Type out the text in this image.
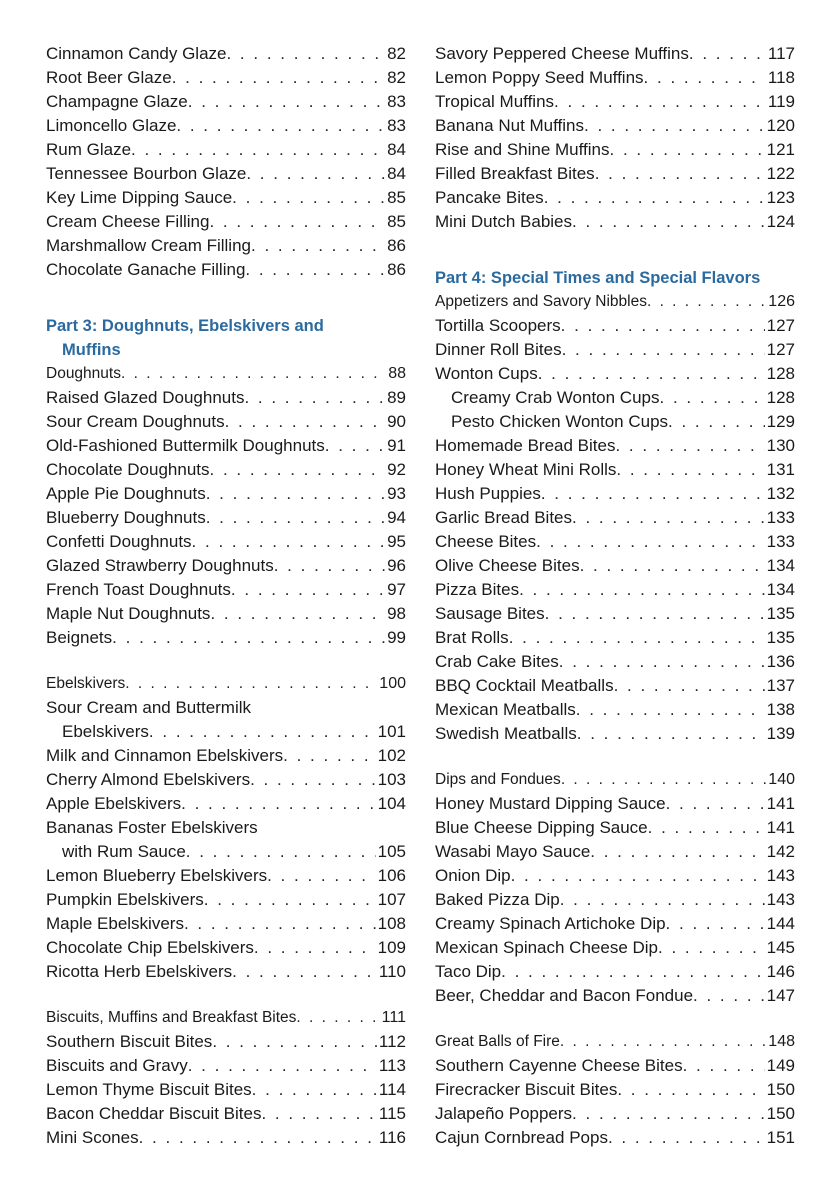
Cinnamon Candy Glaze . . .	82
Root Beer Glaze . . .	82
Champagne Glaze . . .	83
Limoncello Glaze . . .	83
Rum Glaze . . .	84
Tennessee Bourbon Glaze . . .	84
Key Lime Dipping Sauce . . .	85
Cream Cheese Filling . . .	85
Marshmallow Cream Filling . . .	86
Chocolate Ganache Filling . . .	86
Part 3: Doughnuts, Ebelskivers and
Muffins
Doughnuts . . .	88
Raised Glazed Doughnuts . . .	89
Sour Cream Doughnuts . . .	90
Old-Fashioned Buttermilk Doughnuts . . .	91
Chocolate Doughnuts . . .	92
Apple Pie Doughnuts . . .	93
Blueberry Doughnuts . . .	94
Confetti Doughnuts . . .	95
Glazed Strawberry Doughnuts . . .	96
French Toast Doughnuts . . .	97
Maple Nut Doughnuts . . .	98
Beignets . . .	99
Ebelskivers . . .	100
Sour Cream and Buttermilk
Ebelskivers . . .	101
Milk and Cinnamon Ebelskivers . . .	102
Cherry Almond Ebelskivers . . .	103
Apple Ebelskivers . . .	104
Bananas Foster Ebelskivers
with Rum Sauce . . .	105
Lemon Blueberry Ebelskivers . . .	106
Pumpkin Ebelskivers . . .	107
Maple Ebelskivers . . .	108
Chocolate Chip Ebelskivers . . .	109
Ricotta Herb Ebelskivers . . .	110
Biscuits, Muffins and Breakfast Bites . . .	111
Southern Biscuit Bites . . .	112
Biscuits and Gravy . . .	113
Lemon Thyme Biscuit Bites . . .	114
Bacon Cheddar Biscuit Bites . . .	115
Mini Scones . . .	116
Savory Peppered Cheese Muffins . . .	117
Lemon Poppy Seed Muffins . . .	118
Tropical Muffins . . .	119
Banana Nut Muffins . . .	120
Rise and Shine Muffins . . .	121
Filled Breakfast Bites . . .	122
Pancake Bites . . .	123
Mini Dutch Babies . . .	124
Part 4: Special Times and Special Flavors
Appetizers and Savory Nibbles . . .	126
Tortilla Scoopers . . .	127
Dinner Roll Bites . . .	127
Wonton Cups . . .	128
Creamy Crab Wonton Cups . . .	128
Pesto Chicken Wonton Cups . . .	129
Homemade Bread Bites . . .	130
Honey Wheat Mini Rolls . . .	131
Hush Puppies . . .	132
Garlic Bread Bites . . .	133
Cheese Bites . . .	133
Olive Cheese Bites . . .	134
Pizza Bites . . .	134
Sausage Bites . . .	135
Brat Rolls . . .	135
Crab Cake Bites . . .	136
BBQ Cocktail Meatballs . . .	137
Mexican Meatballs . . .	138
Swedish Meatballs . . .	139
Dips and Fondues . . .	140
Honey Mustard Dipping Sauce . . .	141
Blue Cheese Dipping Sauce . . .	141
Wasabi Mayo Sauce . . .	142
Onion Dip . . .	143
Baked Pizza Dip . . .	143
Creamy Spinach Artichoke Dip . . .	144
Mexican Spinach Cheese Dip . . .	145
Taco Dip . . .	146
Beer, Cheddar and Bacon Fondue . . .	147
Great Balls of Fire . . .	148
Southern Cayenne Cheese Bites . . .	149
Firecracker Biscuit Bites . . .	150
Jalapeño Poppers . . .	150
Cajun Cornbread Pops . . .	151
